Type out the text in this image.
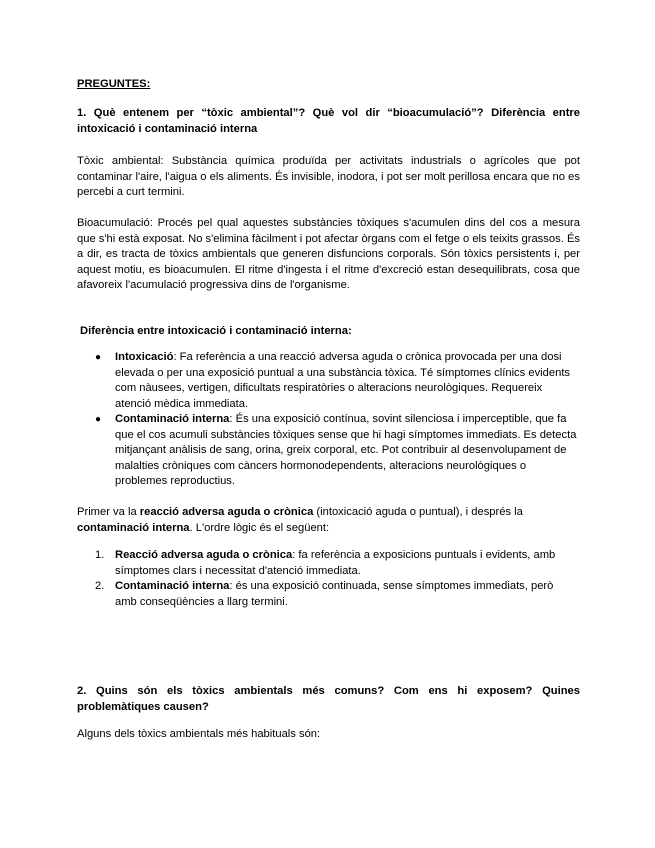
PREGUNTES:
1. Què entenem per “tòxic ambiental”? Què vol dir “bioacumulació”? Diferència entre intoxicació i contaminació interna

Tòxic ambiental: Substància química produïda per activitats industrials o agrícoles que pot contaminar l'aire, l'aigua o els aliments. És invisible, inodora, i pot ser molt perillosa encara que no es percebi a curt termini.

Bioacumulació: Procés pel qual aquestes substàncies tòxiques s'acumulen dins del cos a mesura que s'hi està exposat. No s'elimina fàcilment i pot afectar òrgans com el fetge o els teixits grassos. És a dir, es tracta de tòxics ambientals que generen disfuncions corporals. Són tòxics persistents i, per aquest motiu, es bioacumulen. El ritme d'ingesta i el ritme d'excreció estan desequilibrats, cosa que afavoreix l'acumulació progressiva dins de l'organisme.

Diferència entre intoxicació i contaminació interna:
● Intoxicació: Fa referència a una reacció adversa aguda o crònica provocada per una dosi elevada o per una exposició puntual a una substància tòxica. Té símptomes clínics evidents com nàusees, vertigen, dificultats respiratòries o alteracions neurològiques. Requereix atenció mèdica immediata.
● Contaminació interna: És una exposició contínua, sovint silenciosa i imperceptible, que fa que el cos acumuli substàncies tòxiques sense que hi hagi símptomes immediats. Es detecta mitjançant anàlisis de sang, orina, greix corporal, etc. Pot contribuir al desenvolupament de malalties cròniques com càncers hormonodependents, alteracions neurològiques o problemes reproductius.

Primer va la reacció adversa aguda o crònica (intoxicació aguda o puntual), i després la contaminació interna. L'ordre lògic és el següent:

1. Reacció adversa aguda o crònica: fa referència a exposicions puntuals i evidents, amb símptomes clars i necessitat d'atenció immediata.
2. Contaminació interna: és una exposició continuada, sense símptomes immediats, però amb conseqüències a llarg termini.
2. Quins són els tòxics ambientals més comuns? Com ens hi exposem? Quines problemàtiques causen?

Alguns dels tòxics ambientals més habituals són:
